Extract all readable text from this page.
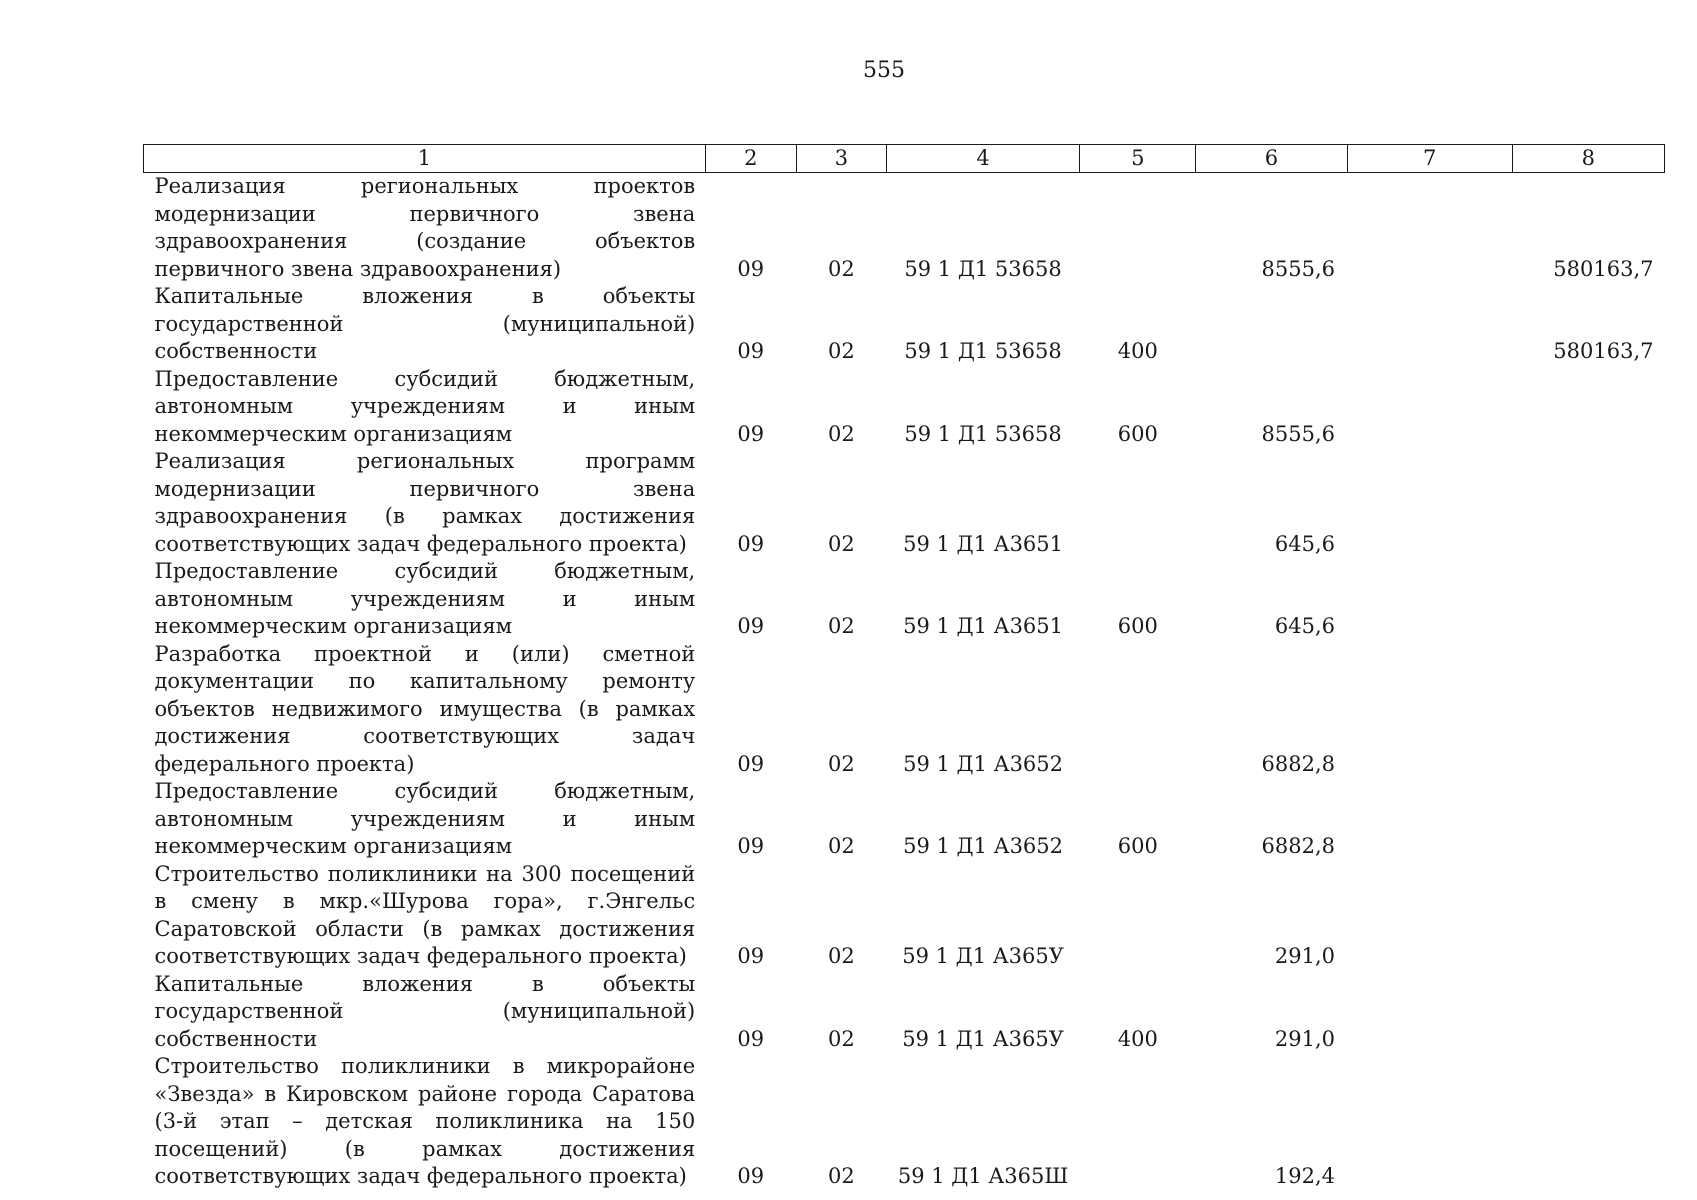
555
1	2	3	4	5	6	7	8
Реализация региональных проектов модернизации первичного звена здравоохранения (создание объектов первичного звена здравоохранения)	09	02	59 1 Д1 53658		8555,6		580163,7
Капитальные вложения в объекты государственной (муниципальной) собственности	09	02	59 1 Д1 53658	400			580163,7
Предоставление субсидий бюджетным, автономным учреждениям и иным некоммерческим организациям	09	02	59 1 Д1 53658	600	8555,6		
Реализация региональных программ модернизации первичного звена здравоохранения (в рамках достижения соответствующих задач федерального проекта)	09	02	59 1 Д1 А3651		645,6		
Предоставление субсидий бюджетным, автономным учреждениям и иным некоммерческим организациям	09	02	59 1 Д1 А3651	600	645,6		
Разработка проектной и (или) сметной документации по капитальному ремонту объектов недвижимого имущества (в рамках достижения соответствующих задач федерального проекта)	09	02	59 1 Д1 А3652		6882,8		
Предоставление субсидий бюджетным, автономным учреждениям и иным некоммерческим организациям	09	02	59 1 Д1 А3652	600	6882,8		
Строительство поликлиники на 300 посещений в смену в мкр.«Шурова гора», г.Энгельс Саратовской области (в рамках достижения соответствующих задач федерального проекта)	09	02	59 1 Д1 А365У		291,0		
Капитальные вложения в объекты государственной (муниципальной) собственности	09	02	59 1 Д1 А365У	400	291,0		
Строительство поликлиники в микрорайоне «Звезда» в Кировском районе города Саратова (3-й этап – детская поликлиника на 150 посещений) (в рамках достижения соответствующих задач федерального проекта)	09	02	59 1 Д1 А365Ш		192,4		
